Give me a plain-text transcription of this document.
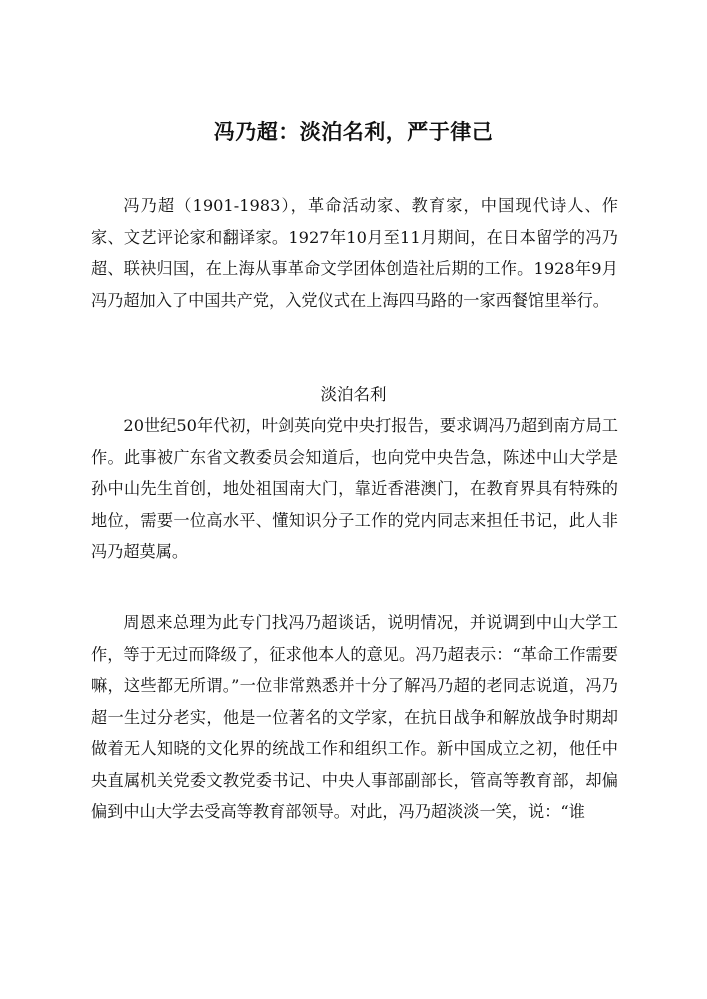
冯乃超：淡泊名利，严于律己

冯乃超（1901-1983），革命活动家、教育家，中国现代诗人、作家、文艺评论家和翻译家。1927年10月至11月期间，在日本留学的冯乃超、联袂归国，在上海从事革命文学团体创造社后期的工作。1928年9月冯乃超加入了中国共产党，入党仪式在上海四马路的一家西餐馆里举行。

淡泊名利

20世纪50年代初，叶剑英向党中央打报告，要求调冯乃超到南方局工作。此事被广东省文教委员会知道后，也向党中央告急，陈述中山大学是孙中山先生首创，地处祖国南大门，靠近香港澳门，在教育界具有特殊的地位，需要一位高水平、懂知识分子工作的党内同志来担任书记，此人非冯乃超莫属。

周恩来总理为此专门找冯乃超谈话，说明情况，并说调到中山大学工作，等于无过而降级了，征求他本人的意见。冯乃超表示：“革命工作需要嘛，这些都无所谓。”一位非常熟悉并十分了解冯乃超的老同志说道，冯乃超一生过分老实，他是一位著名的文学家，在抗日战争和解放战争时期却做着无人知晓的文化界的统战工作和组织工作。新中国成立之初，他任中央直属机关党委文教党委书记、中央人事部副部长，管高等教育部，却偏偏到中山大学去受高等教育部领导。对此，冯乃超淡淡一笑，说：“谁
